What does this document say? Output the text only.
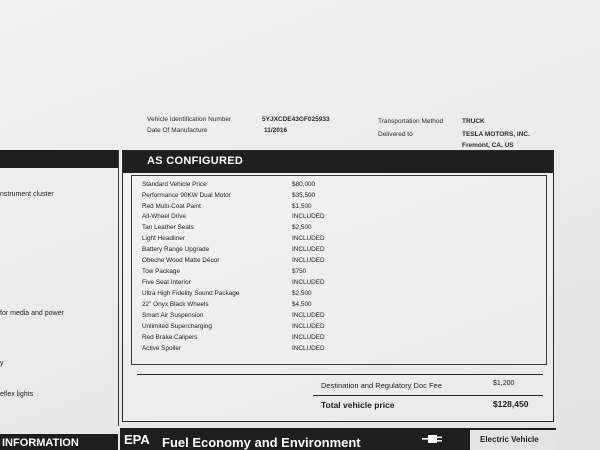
Vehicle Identification Number	5YJXCDE43GF025933
Date Of Manufacture	11/2016
Transportation Method	TRUCK
Delivered to	TESLA MOTORS, INC.
Fremont, CA, US
nstrument cluster
for media and power
y
eflex lights
AS CONFIGURED
Standard Vehicle Price	$80,000
Performance 90KW Dual Motor	$35,500
Red Multi-Coat Paint	$1,500
All-Wheel Drive	INCLUDED
Tan Leather Seats	$2,500
Light Headliner	INCLUDED
Battery Range Upgrade	INCLUDED
Obeche Wood Matte Décor	INCLUDED
Tow Package	$750
Five Seat Interior	INCLUDED
Ultra High Fidelity Sound Package	$2,500
22" Onyx Black Wheels	$4,500
Smart Air Suspension	INCLUDED
Unlimited Supercharging	INCLUDED
Red Brake Calipers	INCLUDED
Active Spoiler	INCLUDED
Destination and Regulatory Doc Fee	$1,200
Total vehicle price	$128,450
INFORMATION	EPA Fuel Economy and Environment	Electric Vehicle
